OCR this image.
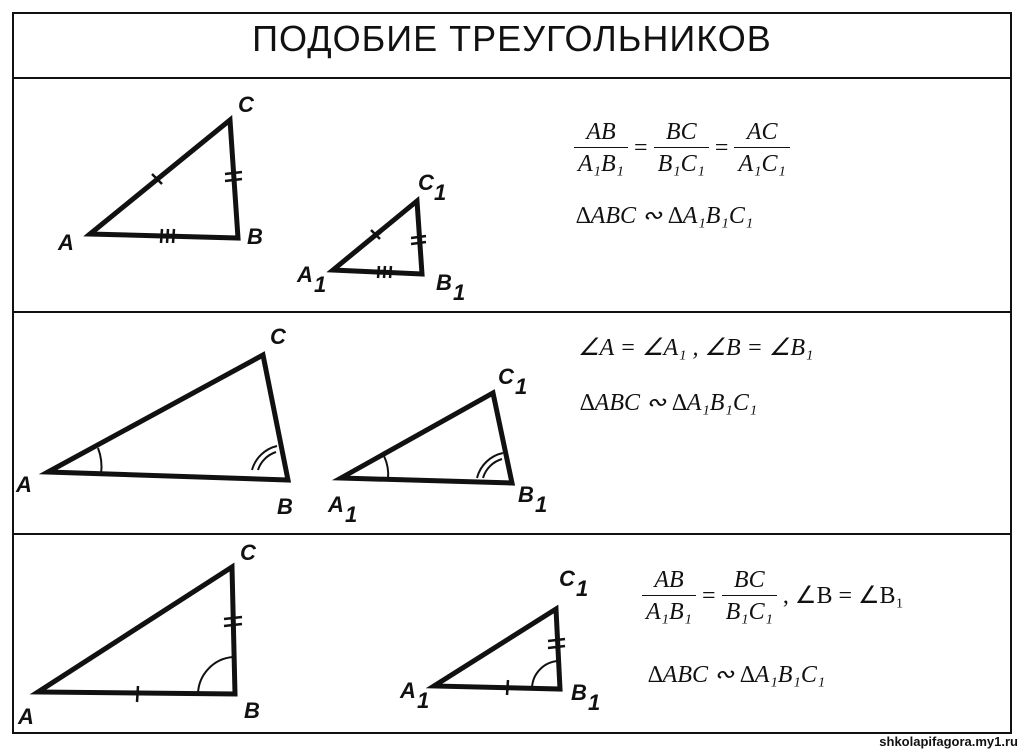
ПОДОБИЕ ТРЕУГОЛЬНИКОВ
A	B
C
A 1	B 1
C 1
A
B
C
A 1
B 1
C 1
A	B
C
A 1	B 1
C 1
$\frac{AB}{\text{A₁B₁}} = \frac{BC}{\text{B₁C₁}} = \frac{AC}{\text{A₁C₁}}$
∆ABC ∾ ∆A₁B₁C₁
∠A = ∠A₁ , ∠B = ∠B₁
∆ABC ∾ ∆A₁B₁C₁
$\frac{AB}{\text{A₁B₁}} = \frac{BC}{\text{B₁C₁}}$ , ∠B = ∠B₁
∆ABC ∾ ∆A₁B₁C₁
shkolapifagora.my1.ru
